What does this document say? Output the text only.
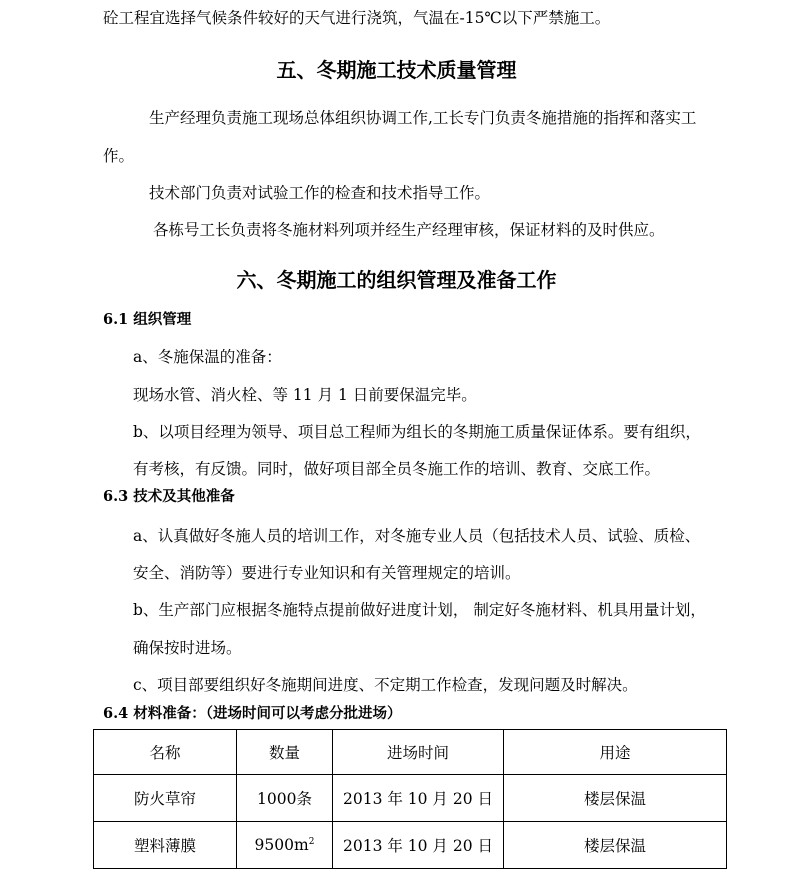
砼工程宜选择气候条件较好的天气进行浇筑，气温在-15℃以下严禁施工。
五、冬期施工技术质量管理
生产经理负责施工现场总体组织协调工作,工长专门负责冬施措施的指挥和落实工
作。
技术部门负责对试验工作的检查和技术指导工作。
各栋号工长负责将冬施材料列项并经生产经理审核，保证材料的及时供应。
六、冬期施工的组织管理及准备工作
6.1 组织管理
a、冬施保温的准备：
现场水管、消火栓、等 11 月 1 日前要保温完毕。
b、以项目经理为领导、项目总工程师为组长的冬期施工质量保证体系。要有组织，
有考核，有反馈。同时，做好项目部全员冬施工作的培训、教育、交底工作。
6.3 技术及其他准备
a、认真做好冬施人员的培训工作，对冬施专业人员（包括技术人员、试验、质检、
安全、消防等）要进行专业知识和有关管理规定的培训。
b、生产部门应根据冬施特点提前做好进度计划， 制定好冬施材料、机具用量计划，
确保按时进场。
c、项目部要组织好冬施期间进度、不定期工作检查，发现问题及时解决。
6.4 材料准备：（进场时间可以考虑分批进场）
名称	数量	进场时间	用途
防火草帘	1000条	2013 年 10 月 20 日	楼层保温
塑料薄膜	$9500m^2$	2013 年 10 月 20 日	楼层保温
